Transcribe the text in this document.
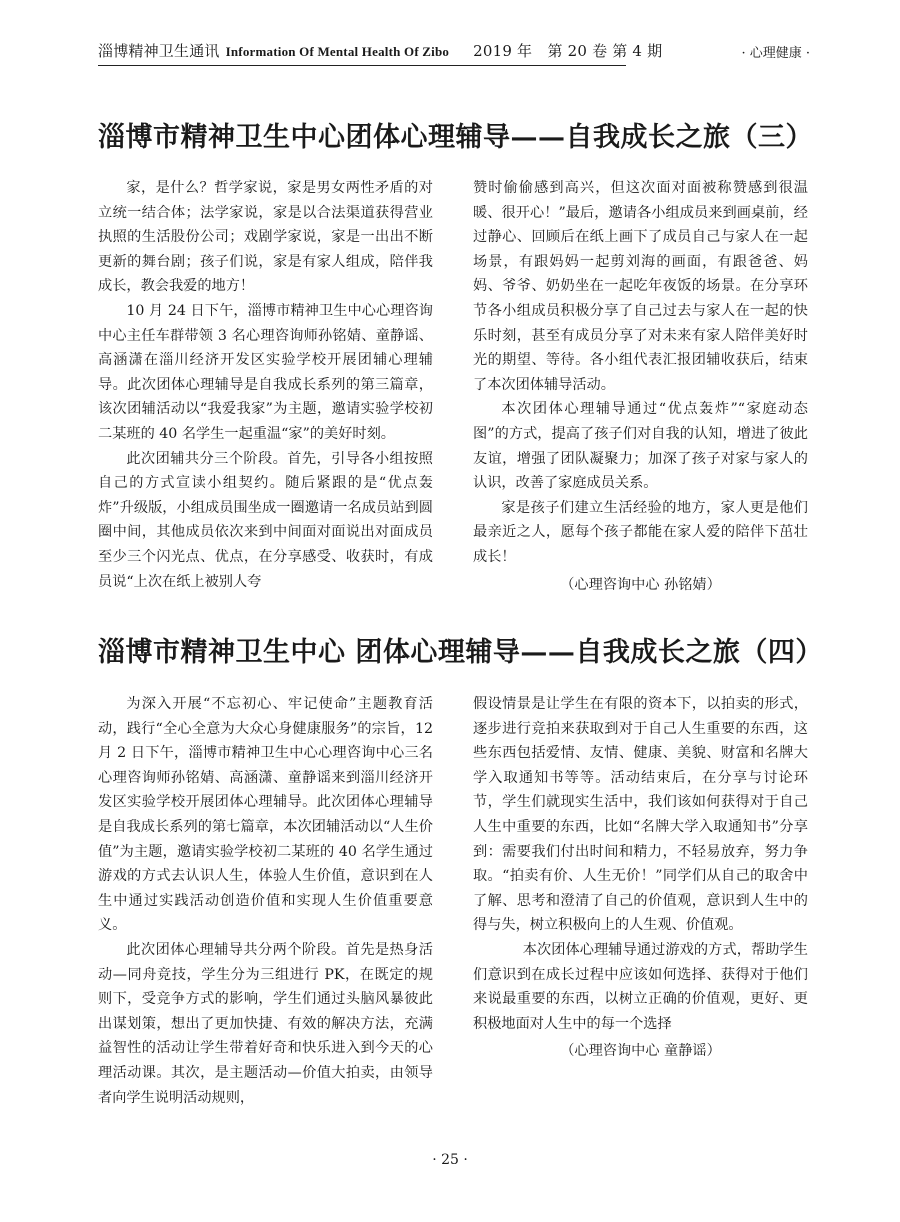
淄博精神卫生通讯 Information Of Mental Health Of Zibo 2019 年　第 20 卷 第 4 期	· 心理健康 ·
淄博市精神卫生中心团体心理辅导——自我成长之旅（三）

家，是什么？哲学家说，家是男女两性矛盾的对立统一结合体；法学家说，家是以合法渠道获得营业执照的生活股份公司；戏剧学家说，家是一出出不断更新的舞台剧；孩子们说，家是有家人组成，陪伴我成长，教会我爱的地方！

10 月 24 日下午，淄博市精神卫生中心心理咨询中心主任车群带领 3 名心理咨询师孙铭婧、童静谣、高涵潇在淄川经济开发区实验学校开展团辅心理辅导。此次团体心理辅导是自我成长系列的第三篇章，该次团辅活动以“我爱我家”为主题，邀请实验学校初二某班的 40 名学生一起重温“家”的美好时刻。

此次团辅共分三个阶段。首先，引导各小组按照自己的方式宣读小组契约。随后紧跟的是“优点轰炸”升级版，小组成员围坐成一圈邀请一名成员站到圆圈中间，其他成员依次来到中间面对面说出对面成员至少三个闪光点、优点，在分享感受、收获时，有成员说“上次在纸上被别人夸

赞时偷偷感到高兴，但这次面对面被称赞感到很温暖、很开心！”最后，邀请各小组成员来到画桌前，经过静心、回顾后在纸上画下了成员自己与家人在一起场景，有跟妈妈一起剪刘海的画面，有跟爸爸、妈妈、爷爷、奶奶坐在一起吃年夜饭的场景。在分享环节各小组成员积极分享了自己过去与家人在一起的快乐时刻，甚至有成员分享了对未来有家人陪伴美好时光的期望、等待。各小组代表汇报团辅收获后，结束了本次团体辅导活动。

本次团体心理辅导通过“优点轰炸”“家庭动态图”的方式，提高了孩子们对自我的认知，增进了彼此友谊，增强了团队凝聚力；加深了孩子对家与家人的认识，改善了家庭成员关系。

家是孩子们建立生活经验的地方，家人更是他们最亲近之人，愿每个孩子都能在家人爱的陪伴下茁壮成长！

（心理咨询中心 孙铭婧）

淄博市精神卫生中心 团体心理辅导——自我成长之旅（四）

为深入开展“不忘初心、牢记使命”主题教育活动，践行“全心全意为大众心身健康服务”的宗旨，12 月 2 日下午，淄博市精神卫生中心心理咨询中心三名心理咨询师孙铭婧、高涵潇、童静谣来到淄川经济开发区实验学校开展团体心理辅导。此次团体心理辅导是自我成长系列的第七篇章，本次团辅活动以“人生价值”为主题，邀请实验学校初二某班的 40 名学生通过游戏的方式去认识人生，体验人生价值，意识到在人生中通过实践活动创造价值和实现人生价值重要意义。

此次团体心理辅导共分两个阶段。首先是热身活动—同舟竞技，学生分为三组进行 PK，在既定的规则下，受竞争方式的影响，学生们通过头脑风暴彼此出谋划策，想出了更加快捷、有效的解决方法，充满益智性的活动让学生带着好奇和快乐进入到今天的心理活动课。其次，是主题活动—价值大拍卖，由领导者向学生说明活动规则，

假设情景是让学生在有限的资本下，以拍卖的形式，逐步进行竞拍来获取到对于自己人生重要的东西，这些东西包括爱情、友情、健康、美貌、财富和名牌大学入取通知书等等。活动结束后，在分享与讨论环节，学生们就现实生活中，我们该如何获得对于自己人生中重要的东西，比如“名牌大学入取通知书”分享到：需要我们付出时间和精力，不轻易放弃，努力争取。“拍卖有价、人生无价！”同学们从自己的取舍中了解、思考和澄清了自己的价值观，意识到人生中的得与失，树立积极向上的人生观、价值观。

本次团体心理辅导通过游戏的方式，帮助学生们意识到在成长过程中应该如何选择、获得对于他们来说最重要的东西，以树立正确的价值观，更好、更积极地面对人生中的每一个选择

（心理咨询中心 童静谣）

· 25 ·
